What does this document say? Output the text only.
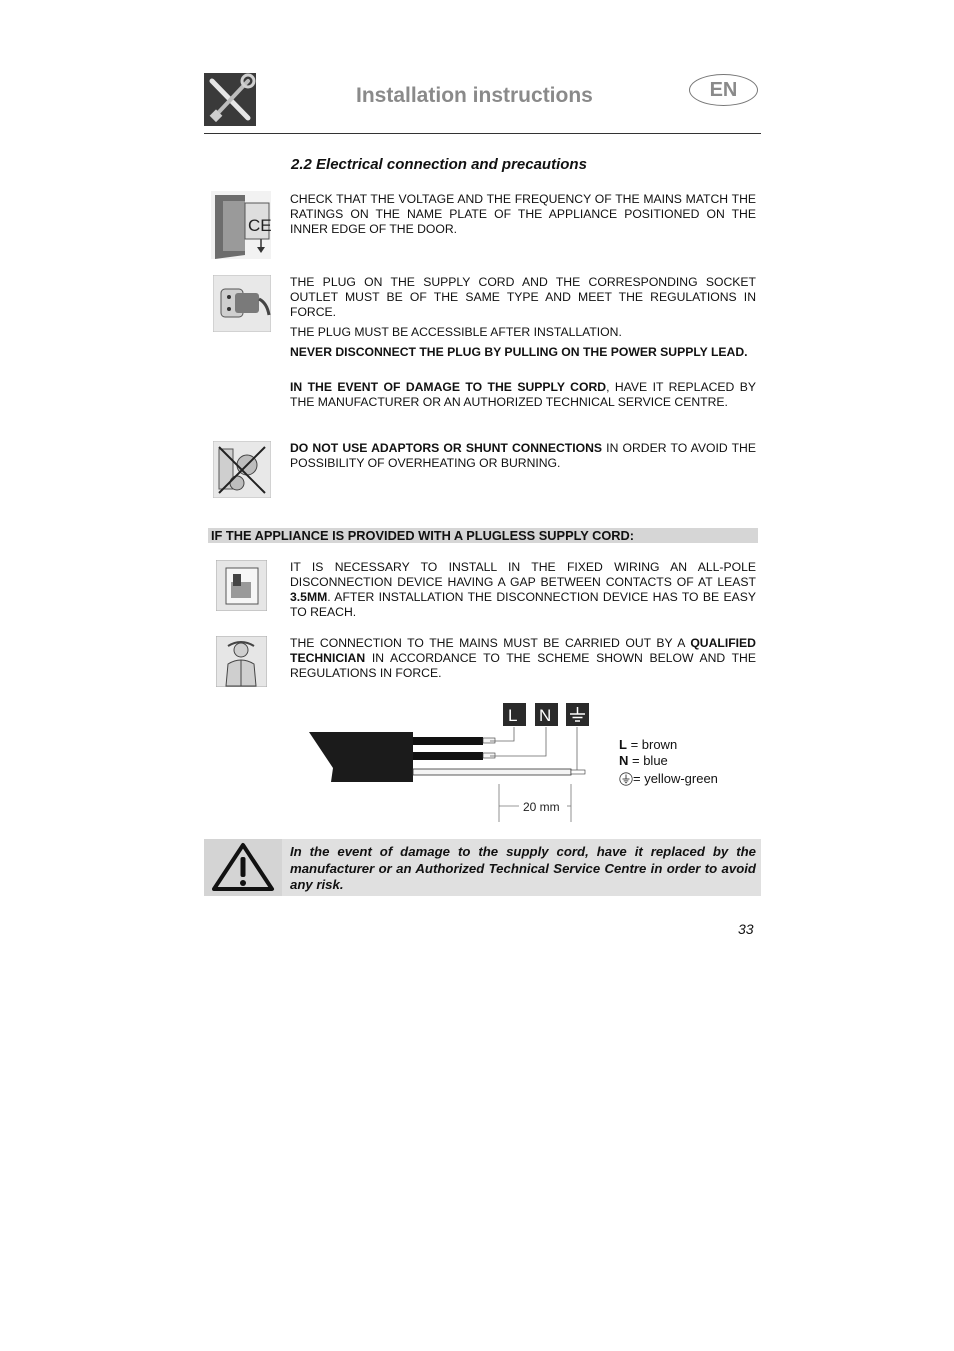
Installation instructions	EN
2.2 Electrical connection and precautions
CE
CHECK THAT THE VOLTAGE AND THE FREQUENCY OF THE MAINS MATCH THE RATINGS ON THE NAME PLATE OF THE APPLIANCE POSITIONED ON THE INNER EDGE OF THE DOOR.
THE PLUG ON THE SUPPLY CORD AND THE CORRESPONDING SOCKET OUTLET MUST BE OF THE SAME TYPE AND MEET THE REGULATIONS IN FORCE.
THE PLUG MUST BE ACCESSIBLE AFTER INSTALLATION.
NEVER DISCONNECT THE PLUG BY PULLING ON THE POWER SUPPLY LEAD.
IN THE EVENT OF DAMAGE TO THE SUPPLY CORD, HAVE IT REPLACED BY THE MANUFACTURER OR AN AUTHORIZED TECHNICAL SERVICE CENTRE.
DO NOT USE ADAPTORS OR SHUNT CONNECTIONS IN ORDER TO AVOID THE POSSIBILITY OF OVERHEATING OR BURNING.
IF THE APPLIANCE IS PROVIDED WITH A PLUGLESS SUPPLY CORD:
IT IS NECESSARY TO INSTALL IN THE FIXED WIRING AN ALL-POLE DISCONNECTION DEVICE HAVING A GAP BETWEEN CONTACTS OF AT LEAST 3.5MM. AFTER INSTALLATION THE DISCONNECTION DEVICE HAS TO BE EASY TO REACH.
THE CONNECTION TO THE MAINS MUST BE CARRIED OUT BY A QUALIFIED TECHNICIAN IN ACCORDANCE TO THE SCHEME SHOWN BELOW AND THE REGULATIONS IN FORCE.
L N
20 mm
L = brown
N = blue
= yellow-green
In the event of damage to the supply cord, have it replaced by the manufacturer or an Authorized Technical Service Centre in order to avoid any risk.
33
